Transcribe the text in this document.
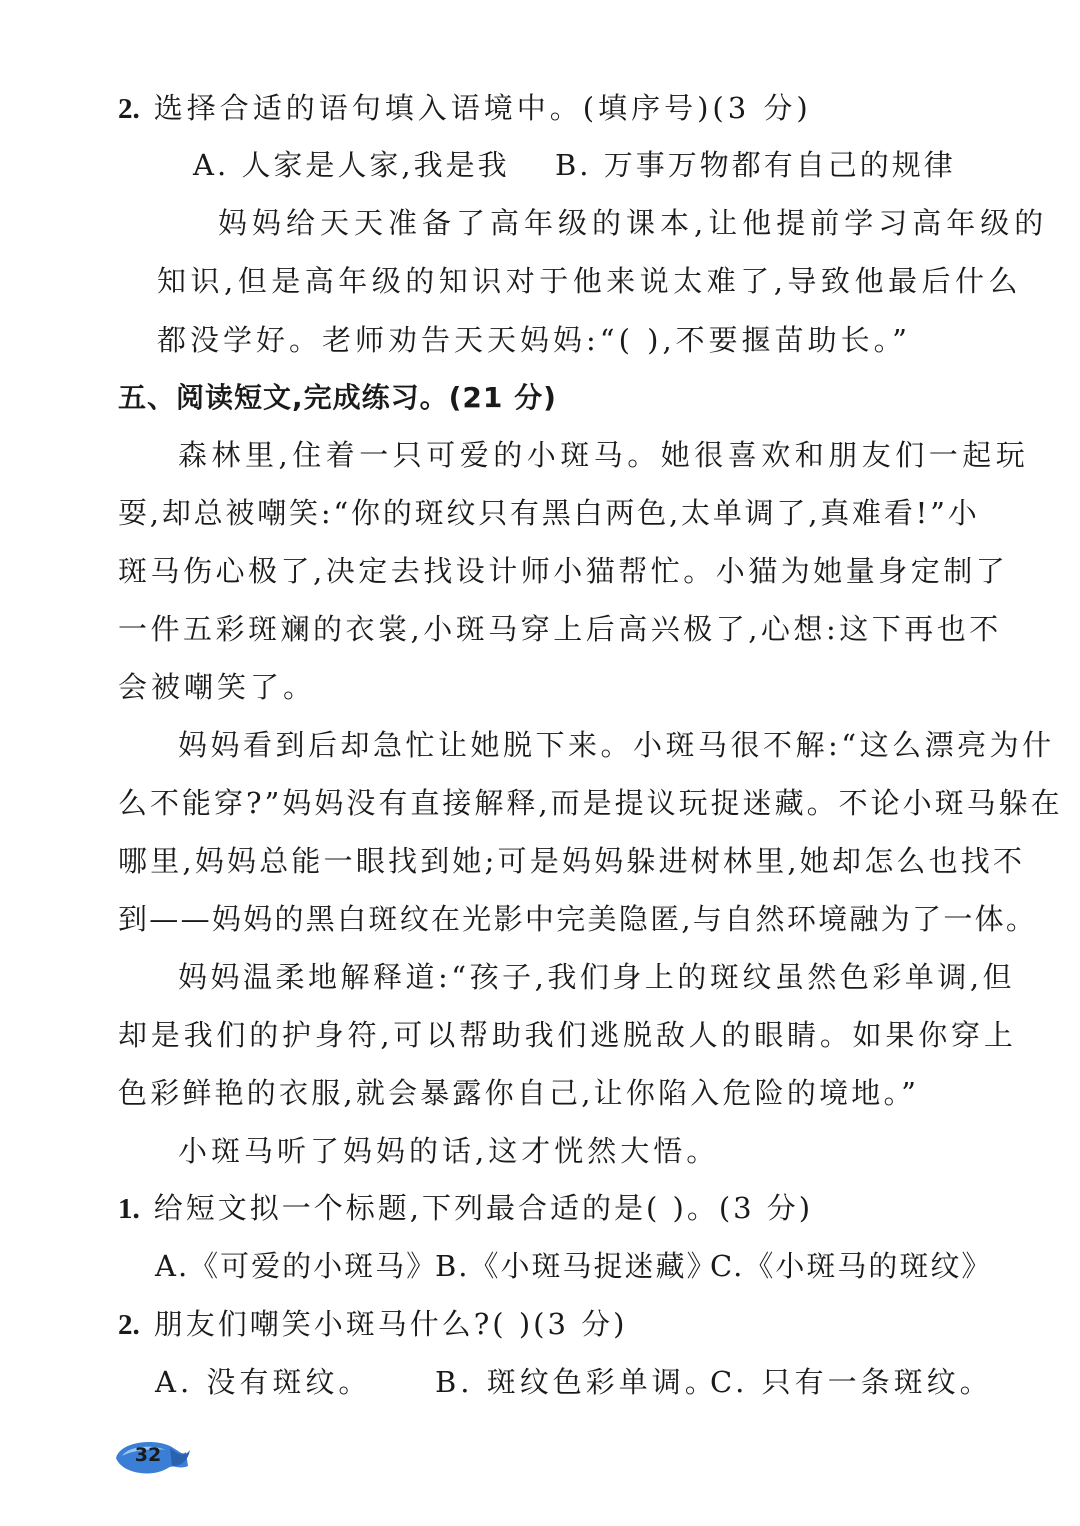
2. 选择合适的语句填入语境中。(填序号)(3 分)
A. 人家是人家,我是我 B. 万事万物都有自己的规律
妈妈给天天准备了高年级的课本,让他提前学习高年级的
知识,但是高年级的知识对于他来说太难了,导致他最后什么
都没学好。老师劝告天天妈妈:“( ),不要揠苗助长。”
五、阅读短文,完成练习。(21 分)
森林里,住着一只可爱的小斑马。她很喜欢和朋友们一起玩
耍,却总被嘲笑:“你的斑纹只有黑白两色,太单调了,真难看!”小
斑马伤心极了,决定去找设计师小猫帮忙。小猫为她量身定制了
一件五彩斑斓的衣裳,小斑马穿上后高兴极了,心想:这下再也不
会被嘲笑了。
妈妈看到后却急忙让她脱下来。小斑马很不解:“这么漂亮为什
么不能穿?”妈妈没有直接解释,而是提议玩捉迷藏。不论小斑马躲在
哪里,妈妈总能一眼找到她;可是妈妈躲进树林里,她却怎么也找不
到——妈妈的黑白斑纹在光影中完美隐匿,与自然环境融为了一体。
妈妈温柔地解释道:“孩子,我们身上的斑纹虽然色彩单调,但
却是我们的护身符,可以帮助我们逃脱敌人的眼睛。如果你穿上
色彩鲜艳的衣服,就会暴露你自己,让你陷入危险的境地。”
小斑马听了妈妈的话,这才恍然大悟。
1. 给短文拟一个标题,下列最合适的是( )。(3 分)
A.《可爱的小斑马》
B.《小斑马捉迷藏》
C.《小斑马的斑纹》
2. 朋友们嘲笑小斑马什么?( )(3 分)
A. 没有斑纹。 B. 斑纹色彩单调。
C. 只有一条斑纹。
32
